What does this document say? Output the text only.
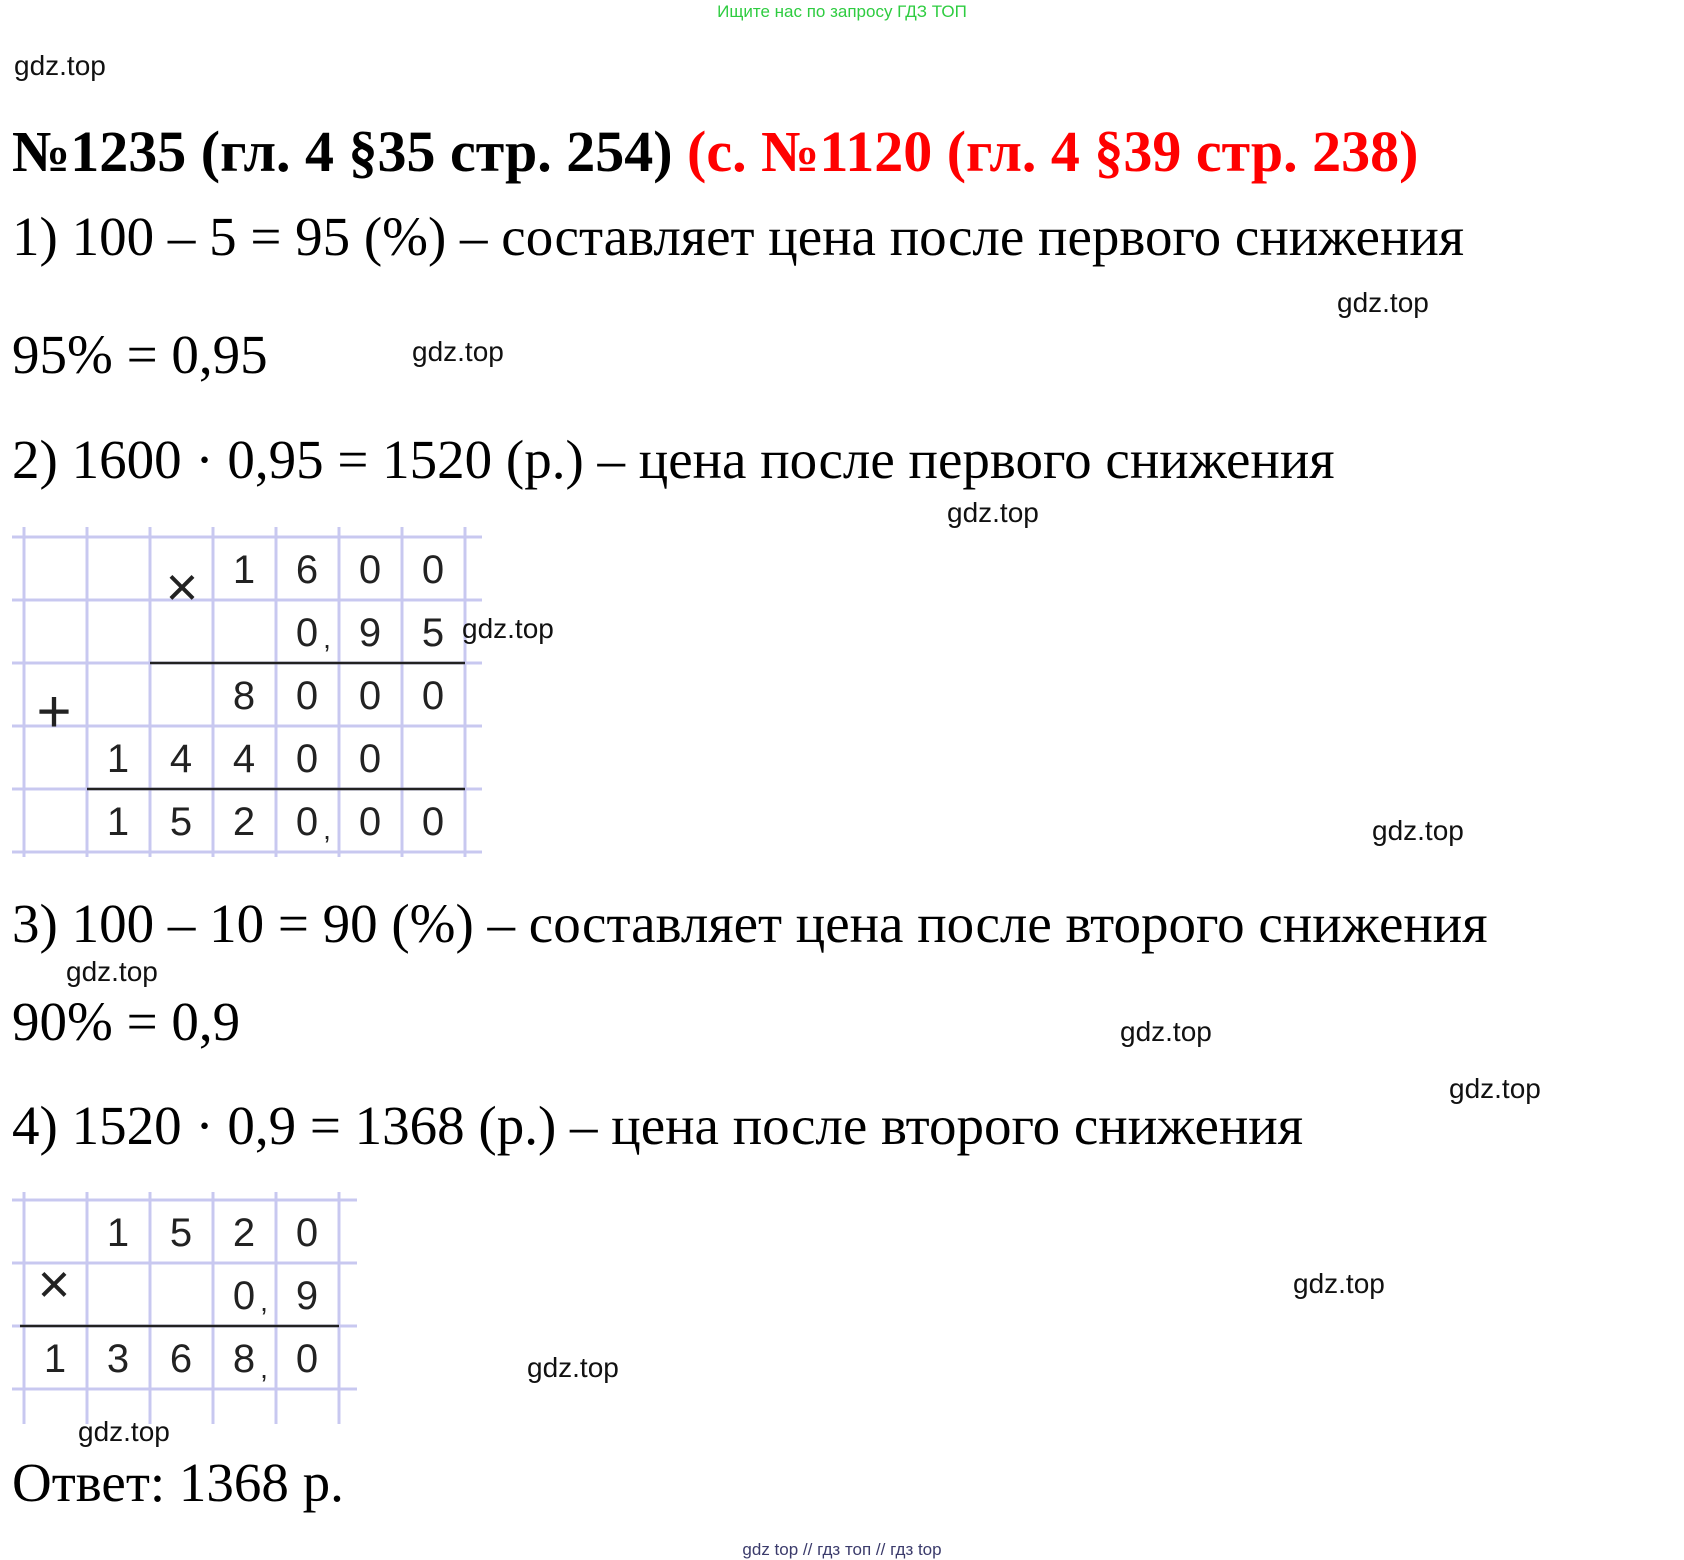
Ищите нас по запросу ГДЗ ТОП
gdz.top
№1235 (гл. 4 §35 стр. 254) (с. №1120 (гл. 4 §39 стр. 238)
1) 100 – 5 = 95 (%) – составляет цена после первого снижения
gdz.top
95% = 0,95	gdz.top
2) 1600 · 0,95 = 1520 (р.) – цена после первого снижения
gdz.top
×
+
1 6 0 0
0 , 9 5
8 0 0 0
1 4 4 0 0
1 5 2 0 , 0 0
gdz.top
gdz.top
3) 100 – 10 = 90 (%) – составляет цена после второго снижения
gdz.top
90% = 0,9	gdz.top
gdz.top
4) 1520 · 0,9 = 1368 (р.) – цена после второго снижения
×
1 5 2 0
0 , 9
1 3 6 8 , 0
gdz.top
gdz.top
gdz.top
Ответ: 1368 р.
gdz top // гдз топ // гдз top
